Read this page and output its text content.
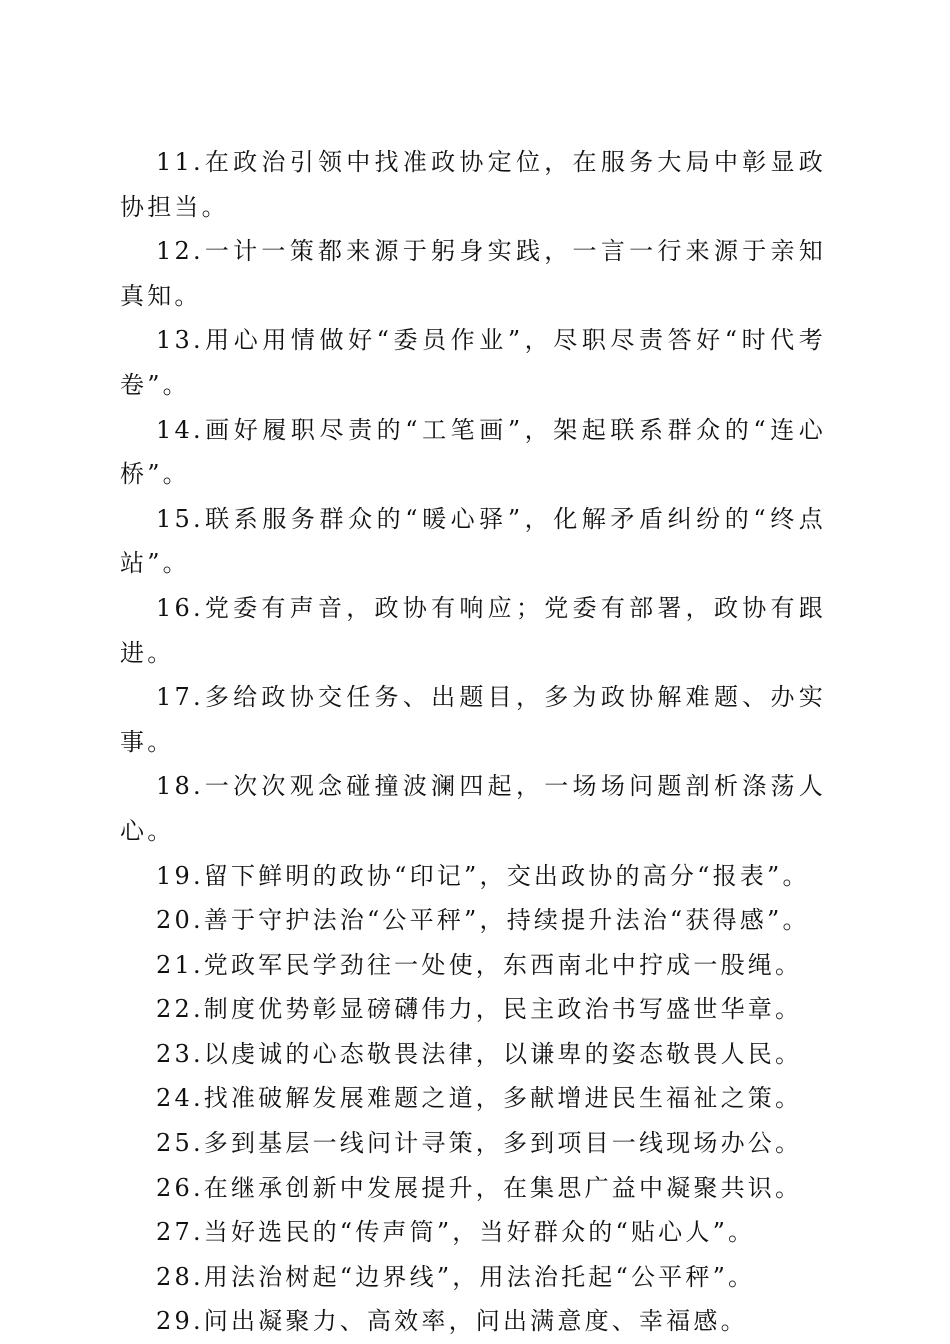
11.在政治引领中找准政协定位，在服务大局中彰显政协担当。

12.一计一策都来源于躬身实践，一言一行来源于亲知真知。

13.用心用情做好“委员作业”，尽职尽责答好“时代考卷”。

14.画好履职尽责的“工笔画”，架起联系群众的“连心桥”。

15.联系服务群众的“暖心驿”，化解矛盾纠纷的“终点站”。

16.党委有声音，政协有响应；党委有部署，政协有跟进。

17.多给政协交任务、出题目，多为政协解难题、办实事。

18.一次次观念碰撞波澜四起，一场场问题剖析涤荡人心。

19.留下鲜明的政协“印记”，交出政协的高分“报表”。

20.善于守护法治“公平秤”，持续提升法治“获得感”。

21.党政军民学劲往一处使，东西南北中拧成一股绳。

22.制度优势彰显磅礴伟力，民主政治书写盛世华章。

23.以虔诚的心态敬畏法律，以谦卑的姿态敬畏人民。

24.找准破解发展难题之道，多献增进民生福祉之策。

25.多到基层一线问计寻策，多到项目一线现场办公。

26.在继承创新中发展提升，在集思广益中凝聚共识。

27.当好选民的“传声筒”，当好群众的“贴心人”。

28.用法治树起“边界线”，用法治托起“公平秤”。

29.问出凝聚力、高效率，问出满意度、幸福感。
